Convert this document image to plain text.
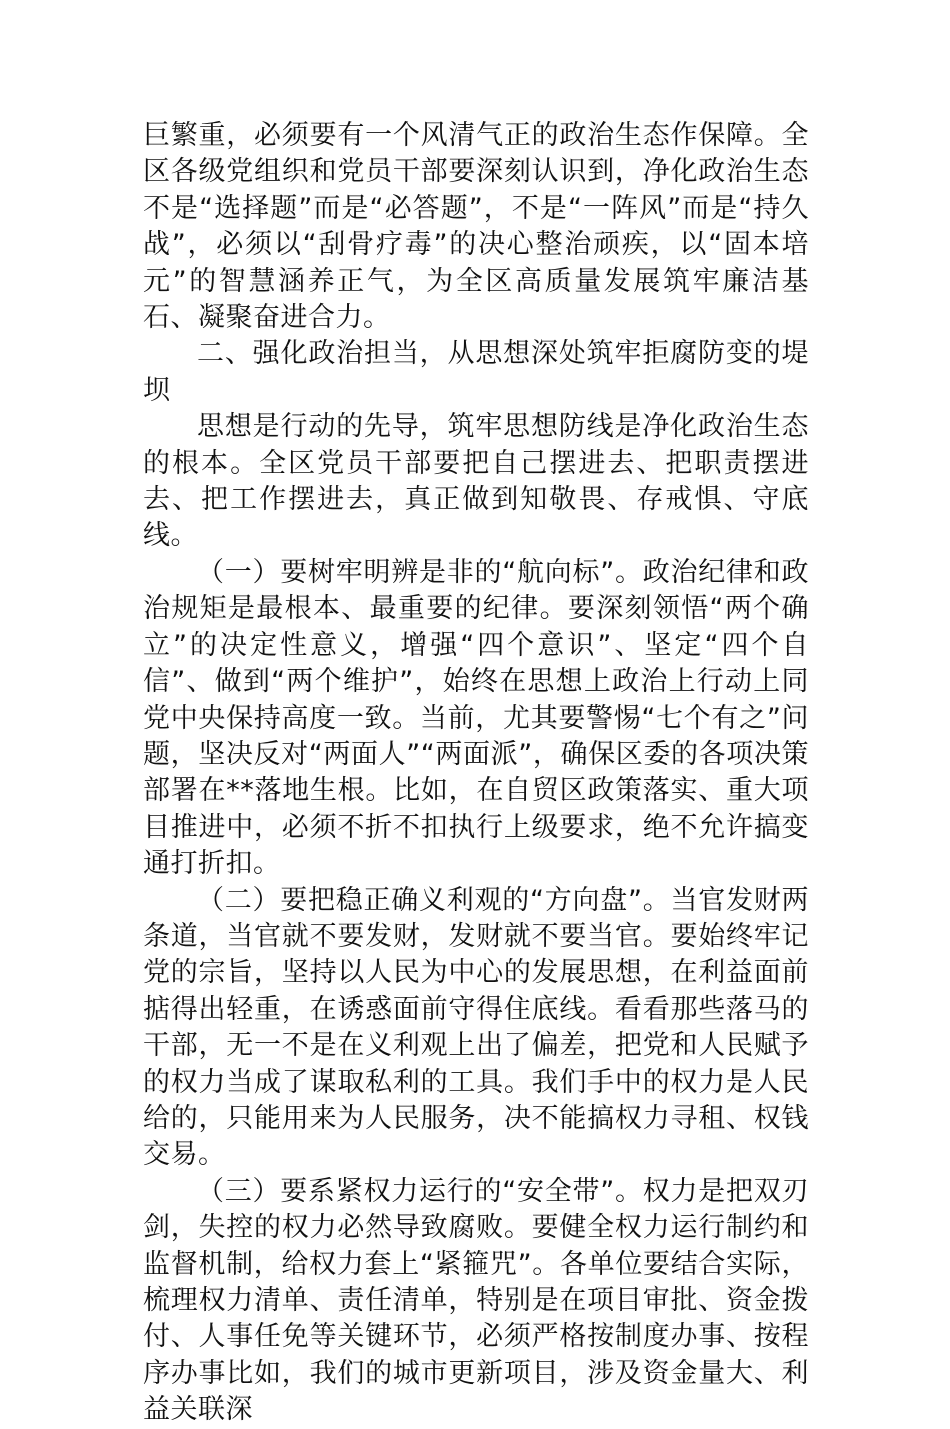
巨繁重，必须要有一个风清气正的政治生态作保障。全区各级党组织和党员干部要深刻认识到，净化政治生态不是“选择题”而是“必答题”，不是“一阵风”而是“持久战”，必须以“刮骨疗毒”的决心整治顽疾，以“固本培元”的智慧涵养正气，为全区高质量发展筑牢廉洁基石、凝聚奋进合力。

二、强化政治担当，从思想深处筑牢拒腐防变的堤坝

思想是行动的先导，筑牢思想防线是净化政治生态的根本。全区党员干部要把自己摆进去、把职责摆进去、把工作摆进去，真正做到知敬畏、存戒惧、守底线。

（一）要树牢明辨是非的“航向标”。政治纪律和政治规矩是最根本、最重要的纪律。要深刻领悟“两个确立”的决定性意义，增强“四个意识”、坚定“四个自信”、做到“两个维护”，始终在思想上政治上行动上同党中央保持高度一致。当前，尤其要警惕“七个有之”问题，坚决反对“两面人”“两面派”，确保区委的各项决策部署在**落地生根。比如，在自贸区政策落实、重大项目推进中，必须不折不扣执行上级要求，绝不允许搞变通打折扣。

（二）要把稳正确义利观的“方向盘”。当官发财两条道，当官就不要发财，发财就不要当官。要始终牢记党的宗旨，坚持以人民为中心的发展思想，在利益面前掂得出轻重，在诱惑面前守得住底线。看看那些落马的干部，无一不是在义利观上出了偏差，把党和人民赋予的权力当成了谋取私利的工具。我们手中的权力是人民给的，只能用来为人民服务，决不能搞权力寻租、权钱交易。

（三）要系紧权力运行的“安全带”。权力是把双刃剑，失控的权力必然导致腐败。要健全权力运行制约和监督机制，给权力套上“紧箍咒”。各单位要结合实际，梳理权力清单、责任清单，特别是在项目审批、资金拨付、人事任免等关键环节，必须严格按制度办事、按程序办事比如，我们的城市更新项目，涉及资金量大、利益关联深
